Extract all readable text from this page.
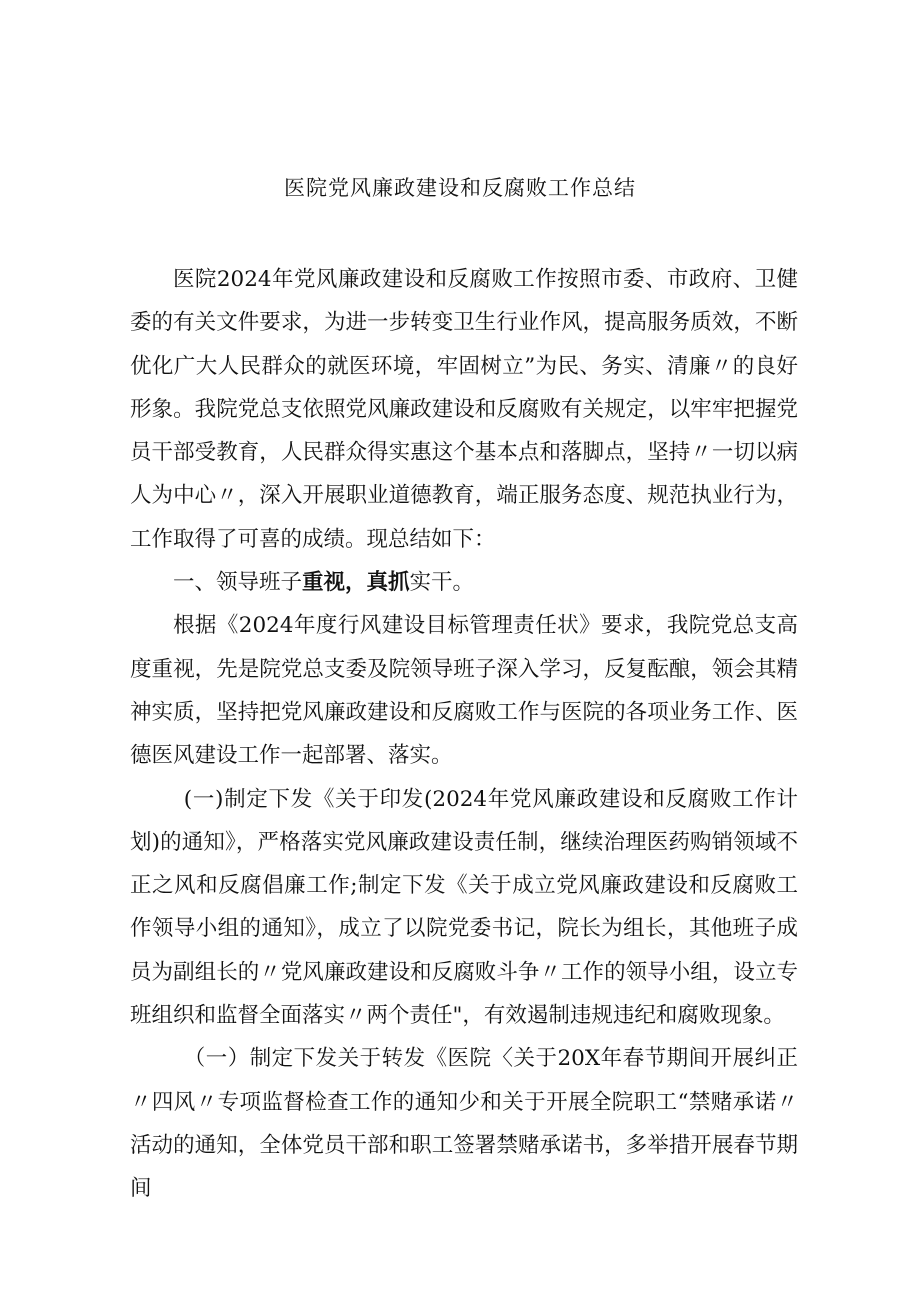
医院党风廉政建设和反腐败工作总结

医院2024年党风廉政建设和反腐败工作按照市委、市政府、卫健委的有关文件要求，为进一步转变卫生行业作风，提高服务质效，不断优化广大人民群众的就医环境，牢固树立”为民、务实、清廉〃的良好形象。我院党总支依照党风廉政建设和反腐败有关规定，以牢牢把握党员干部受教育，人民群众得实惠这个基本点和落脚点，坚持〃一切以病人为中心〃，深入开展职业道德教育，端正服务态度、规范执业行为，工作取得了可喜的成绩。现总结如下：

一、领导班子重视，真抓实干。

根据《2024年度行风建设目标管理责任状》要求，我院党总支高度重视，先是院党总支委及院领导班子深入学习，反复酝酿，领会其精神实质，坚持把党风廉政建设和反腐败工作与医院的各项业务工作、医德医风建设工作一起部署、落实。

(一)制定下发《关于印发(2024年党风廉政建设和反腐败工作计划)的通知》，严格落实党风廉政建设责任制，继续治理医药购销领域不正之风和反腐倡廉工作;制定下发《关于成立党风廉政建设和反腐败工作领导小组的通知》，成立了以院党委书记，院长为组长，其他班子成员为副组长的〃党风廉政建设和反腐败斗争〃工作的领导小组，设立专班组织和监督全面落实〃两个责任"，有效遏制违规违纪和腐败现象。

（一）制定下发关于转发《医院〈关于20X年春节期间开展纠正〃四风〃专项监督检查工作的通知少和关于开展全院职工“禁赌承诺〃活动的通知，全体党员干部和职工签署禁赌承诺书，多举措开展春节期间
